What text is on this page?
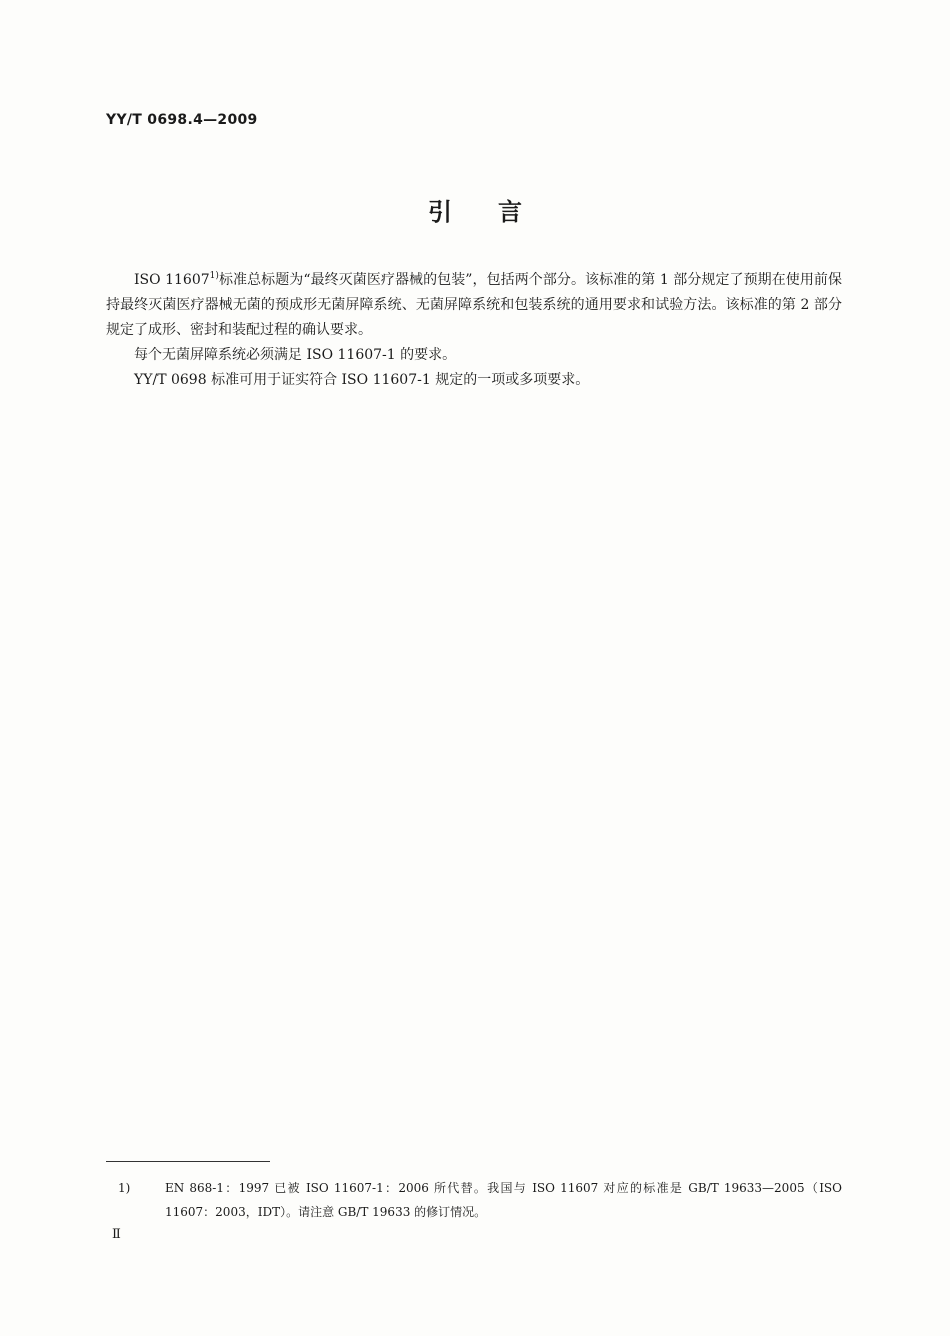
YY/T 0698.4—2009
引言

ISO 11607$^{1)}$标准总标题为“最终灭菌医疗器械的包装”，包括两个部分。该标准的第 1 部分规定了预期在使用前保持最终灭菌医疗器械无菌的预成形无菌屏障系统、无菌屏障系统和包装系统的通用要求和试验方法。该标准的第 2 部分规定了成形、密封和装配过程的确认要求。

每个无菌屏障系统必须满足 ISO 11607-1 的要求。

YY/T 0698 标准可用于证实符合 ISO 11607-1 规定的一项或多项要求。

1)	EN 868-1：1997 已被 ISO 11607-1：2006 所代替。我国与 ISO 11607 对应的标准是 GB/T 19633—2005（ISO 11607：2003，IDT）。请注意 GB/T 19633 的修订情况。
Ⅱ
